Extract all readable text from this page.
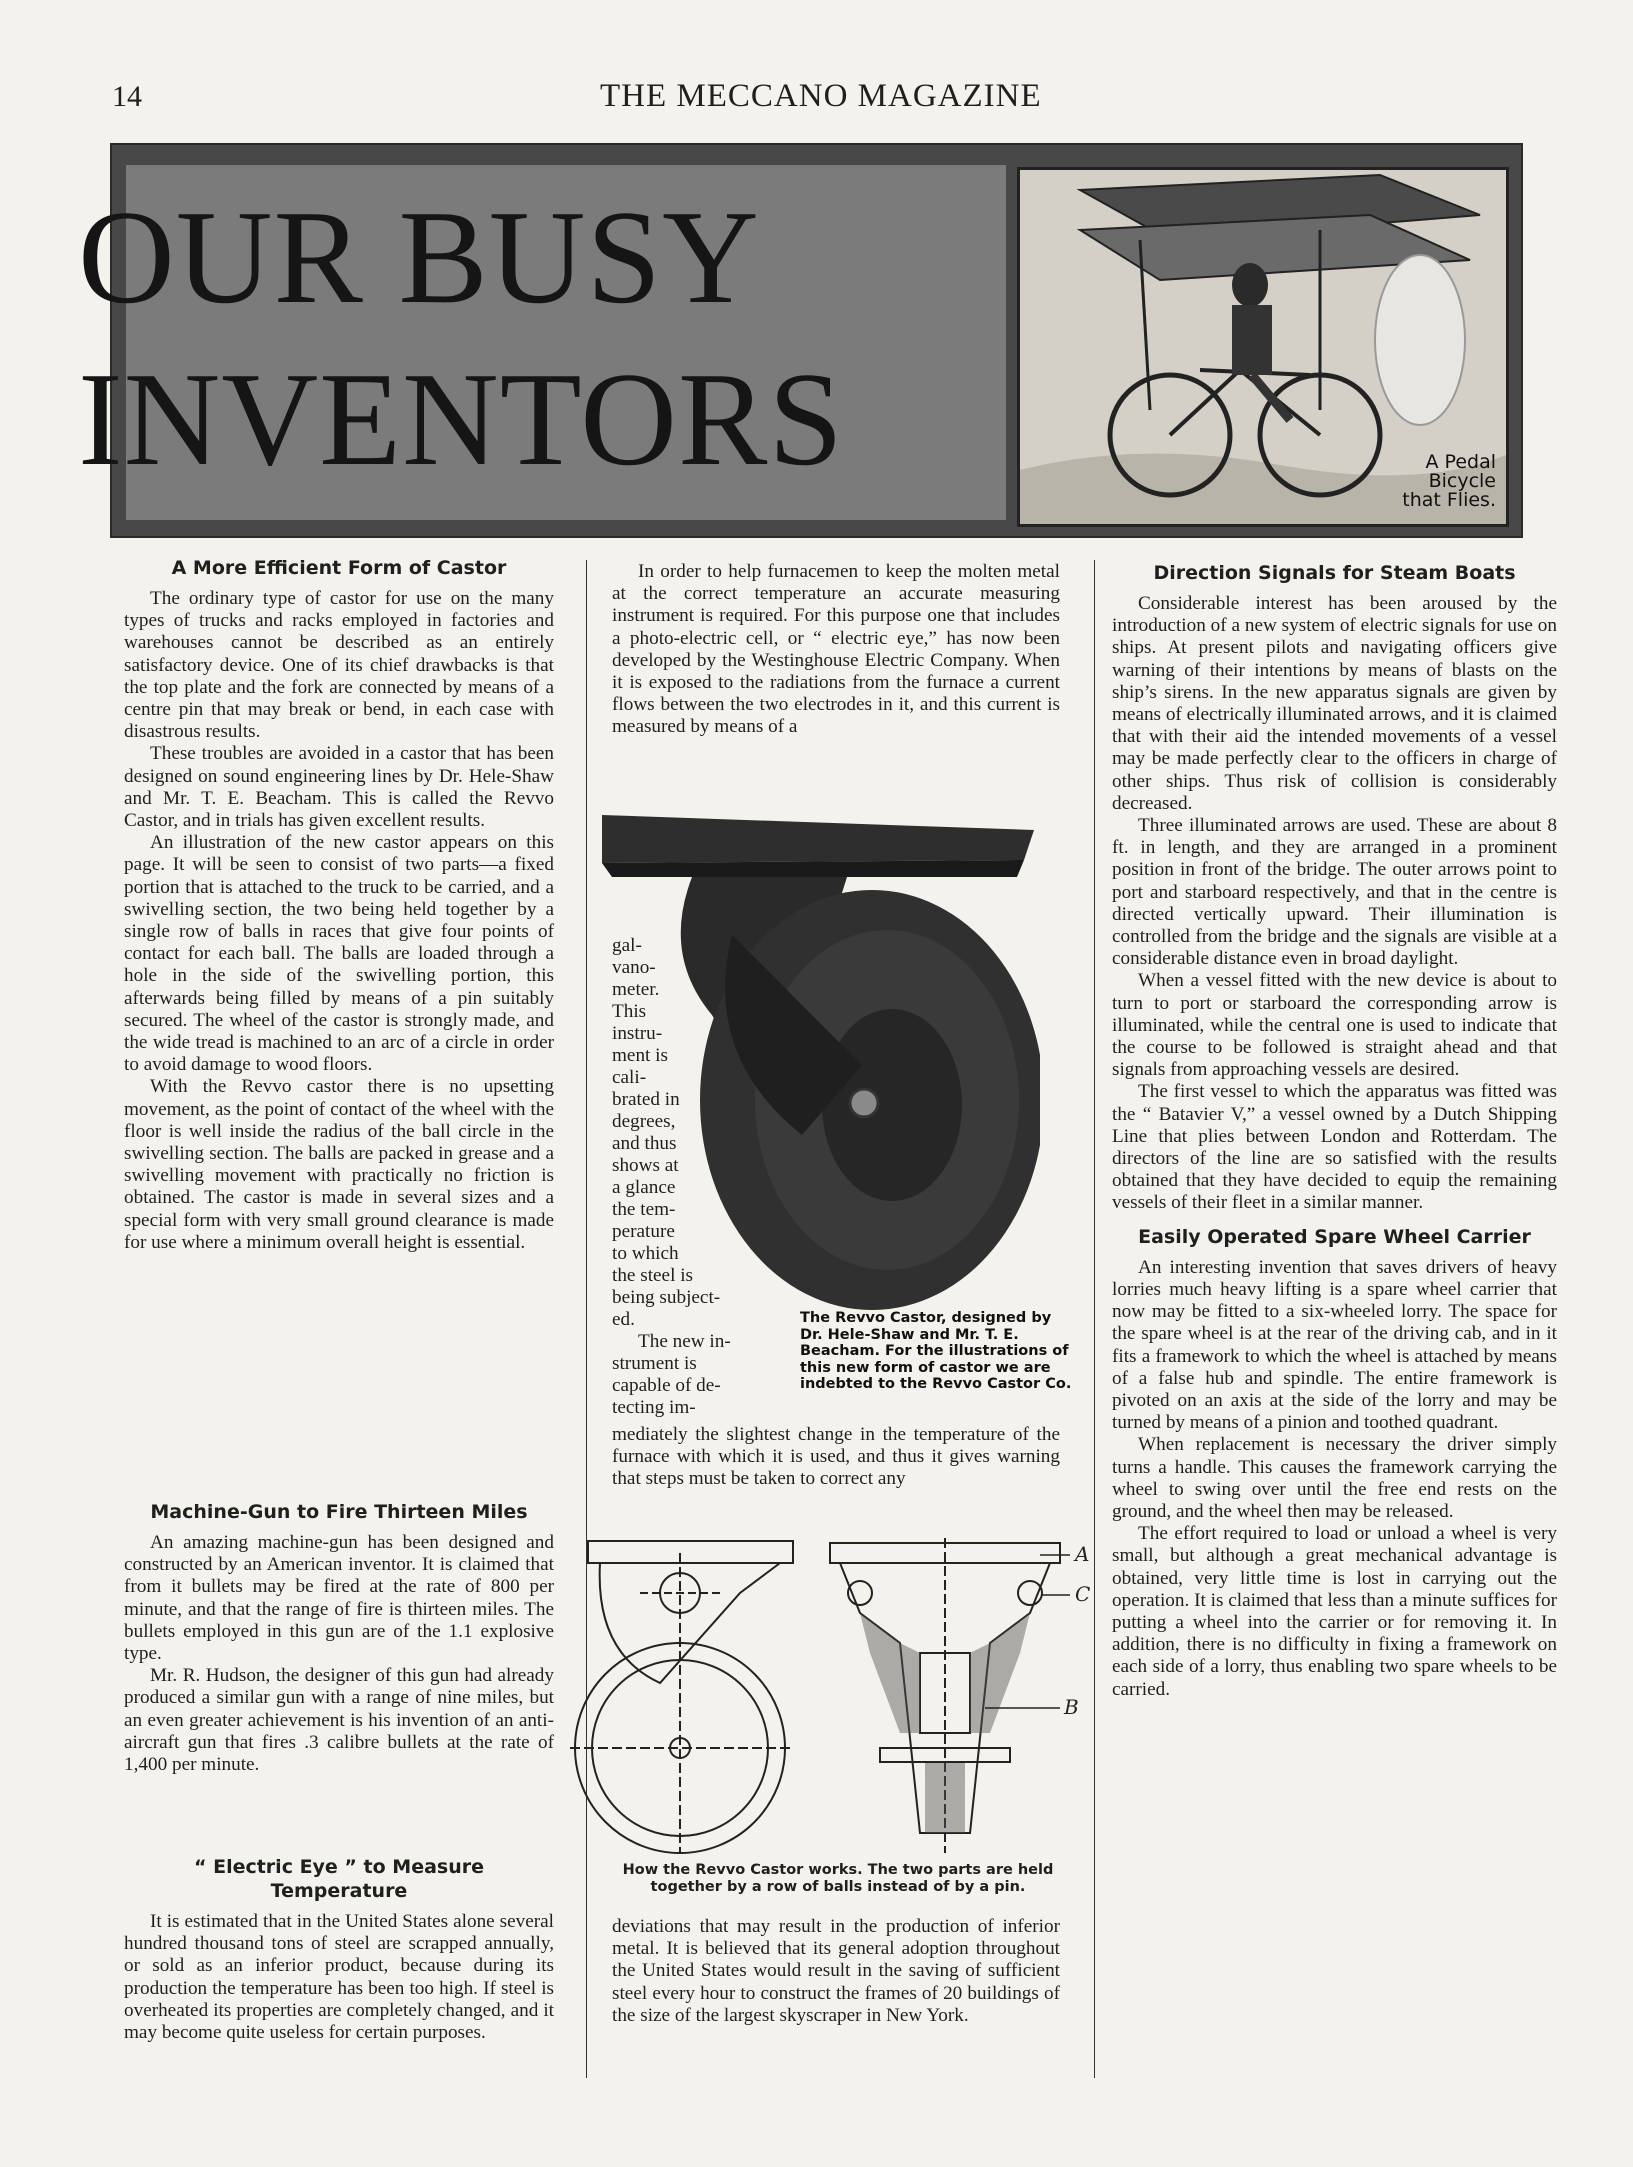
14	THE MECCANO MAGAZINE
OUR BUSY
INVENTORS	A Pedal
Bicycle
that Flies.
A More Efficient Form of Castor

The ordinary type of castor for use on the many types of trucks and racks employed in factories and warehouses cannot be described as an entirely satisfactory device. One of its chief drawbacks is that the top plate and the fork are connected by means of a centre pin that may break or bend, in each case with disastrous results.

These troubles are avoided in a castor that has been designed on sound engineering lines by Dr. Hele-Shaw and Mr. T. E. Beacham. This is called the Revvo Castor, and in trials has given excellent results.

An illustration of the new castor appears on this page. It will be seen to consist of two parts—a fixed portion that is attached to the truck to be carried, and a swivelling section, the two being held together by a single row of balls in races that give four points of contact for each ball. The balls are loaded through a hole in the side of the swivelling portion, this afterwards being filled by means of a pin suitably secured. The wheel of the castor is strongly made, and the wide tread is machined to an arc of a circle in order to avoid damage to wood floors.

With the Revvo castor there is no upsetting movement, as the point of contact of the wheel with the floor is well inside the radius of the ball circle in the swivelling section. The balls are packed in grease and a swivelling movement with practically no friction is obtained. The castor is made in several sizes and a special form with very small ground clearance is made for use where a minimum overall height is essential.

Machine-Gun to Fire Thirteen Miles

An amazing machine-gun has been designed and constructed by an American inventor. It is claimed that from it bullets may be fired at the rate of 800 per minute, and that the range of fire is thirteen miles. The bullets employed in this gun are of the 1.1 explosive type.

Mr. R. Hudson, the designer of this gun had already produced a similar gun with a range of nine miles, but an even greater achievement is his invention of an anti-aircraft gun that fires .3 calibre bullets at the rate of 1,400 per minute.

“ Electric Eye ” to Measure Temperature

It is estimated that in the United States alone several hundred thousand tons of steel are scrapped annually, or sold as an inferior product, because during its production the temperature has been too high. If steel is overheated its properties are completely changed, and it may become quite useless for certain purposes.

In order to help furnacemen to keep the molten metal at the correct temperature an accurate measuring instrument is required. For this purpose one that includes a photo-electric cell, or “ electric eye,” has now been developed by the Westinghouse Electric Company. When it is exposed to the radiations from the furnace a current flows between the two electrodes in it, and this current is measured by means of a

gal-

vano-

meter.

This

instru-

ment is

cali-

brated in

degrees,

and thus

shows at

a glance

the tem-

perature

to which

the steel is

being subject-

ed.

The new in-

strument is

capable of de-

tecting im-

The Revvo Castor, designed by Dr. Hele-Shaw and Mr. T. E. Beacham. For the illustrations of this new form of castor we are indebted to the Revvo Castor Co.

mediately the slightest change in the temperature of the furnace with which it is used, and thus it gives warning that steps must be taken to correct any

A
C
B
How the Revvo Castor works. The two parts are held together by a row of balls instead of by a pin.

deviations that may result in the production of inferior metal. It is believed that its general adoption throughout the United States would result in the saving of sufficient steel every hour to construct the frames of 20 buildings of the size of the largest skyscraper in New York.

Direction Signals for Steam Boats

Considerable interest has been aroused by the introduction of a new system of electric signals for use on ships. At present pilots and navigating officers give warning of their intentions by means of blasts on the ship’s sirens. In the new apparatus signals are given by means of electrically illuminated arrows, and it is claimed that with their aid the intended movements of a vessel may be made perfectly clear to the officers in charge of other ships. Thus risk of collision is considerably decreased.

Three illuminated arrows are used. These are about 8 ft. in length, and they are arranged in a prominent position in front of the bridge. The outer arrows point to port and starboard respectively, and that in the centre is directed vertically upward. Their illumination is controlled from the bridge and the signals are visible at a considerable distance even in broad daylight.

When a vessel fitted with the new device is about to turn to port or starboard the corresponding arrow is illuminated, while the central one is used to indicate that the course to be followed is straight ahead and that signals from approaching vessels are desired.

The first vessel to which the apparatus was fitted was the “ Batavier V,” a vessel owned by a Dutch Shipping Line that plies between London and Rotterdam. The directors of the line are so satisfied with the results obtained that they have decided to equip the remaining vessels of their fleet in a similar manner.

Easily Operated Spare Wheel Carrier

An interesting invention that saves drivers of heavy lorries much heavy lifting is a spare wheel carrier that now may be fitted to a six-wheeled lorry. The space for the spare wheel is at the rear of the driving cab, and in it fits a framework to which the wheel is attached by means of a false hub and spindle. The entire framework is pivoted on an axis at the side of the lorry and may be turned by means of a pinion and toothed quadrant.

When replacement is necessary the driver simply turns a handle. This causes the framework carrying the wheel to swing over until the free end rests on the ground, and the wheel then may be released.

The effort required to load or unload a wheel is very small, but although a great mechanical advantage is obtained, very little time is lost in carrying out the operation. It is claimed that less than a minute suffices for putting a wheel into the carrier or for removing it. In addition, there is no difficulty in fixing a framework on each side of a lorry, thus enabling two spare wheels to be carried.
